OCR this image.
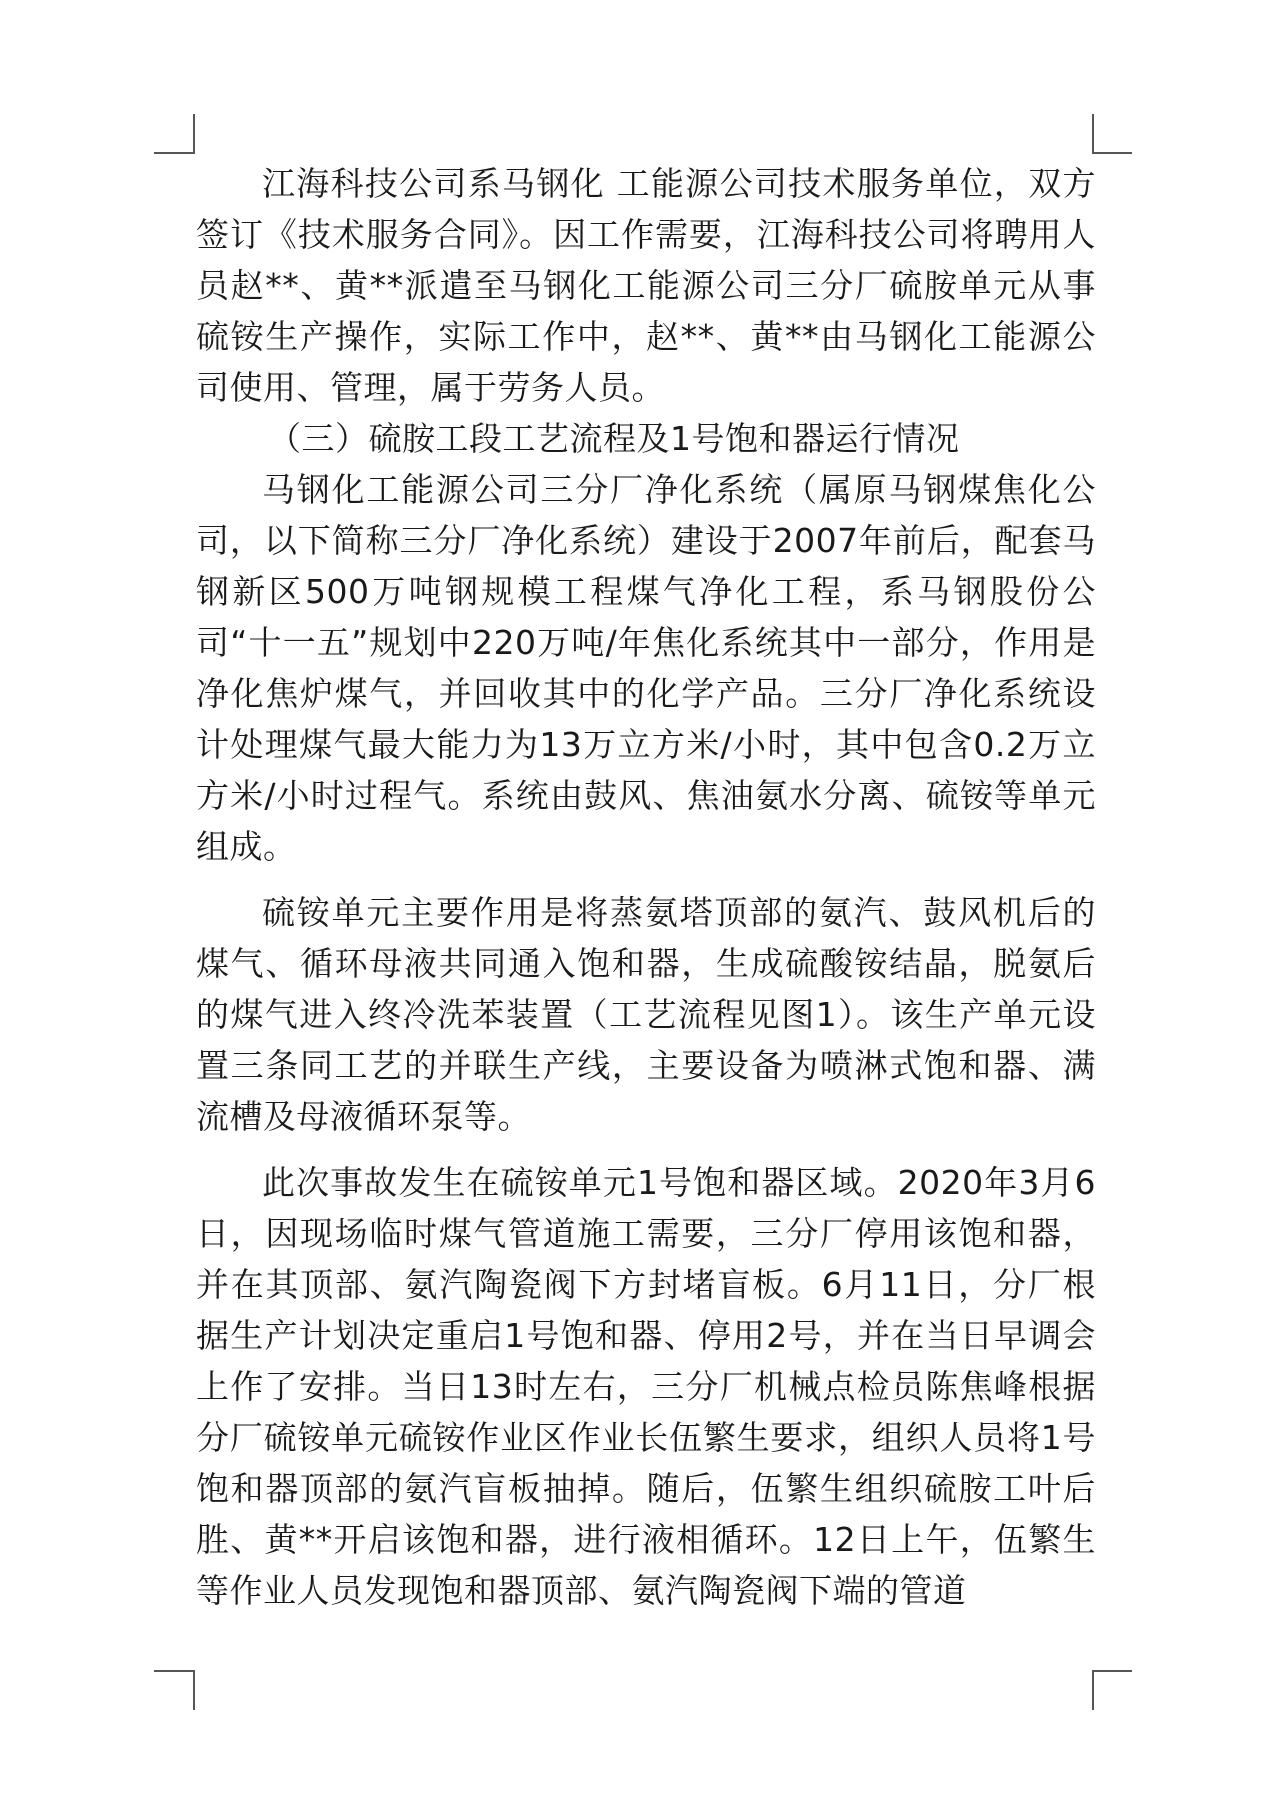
江海科技公司系马钢化 工能源公司技术服务单位，双方签订《技术服务合同》。因工作需要，江海科技公司将聘用人员赵**、黄**派遣至马钢化工能源公司三分厂硫胺单元从事硫铵生产操作，实际工作中，赵**、黄**由马钢化工能源公司使用、管理，属于劳务人员。

（三）硫胺工段工艺流程及1号饱和器运行情况

马钢化工能源公司三分厂净化系统（属原马钢煤焦化公司，以下简称三分厂净化系统）建设于2007年前后，配套马钢新区500万吨钢规模工程煤气净化工程，系马钢股份公司“十一五”规划中220万吨/年焦化系统其中一部分，作用是净化焦炉煤气，并回收其中的化学产品。三分厂净化系统设计处理煤气最大能力为13万立方米/小时，其中包含0.2万立方米/小时过程气。系统由鼓风、焦油氨水分离、硫铵等单元组成。

硫铵单元主要作用是将蒸氨塔顶部的氨汽、鼓风机后的煤气、循环母液共同通入饱和器，生成硫酸铵结晶，脱氨后的煤气进入终冷洗苯装置（工艺流程见图1）。该生产单元设置三条同工艺的并联生产线，主要设备为喷淋式饱和器、满流槽及母液循环泵等。

此次事故发生在硫铵单元1号饱和器区域。2020年3月6日，因现场临时煤气管道施工需要，三分厂停用该饱和器，并在其顶部、氨汽陶瓷阀下方封堵盲板。6月11日，分厂根据生产计划决定重启1号饱和器、停用2号，并在当日早调会上作了安排。当日13时左右，三分厂机械点检员陈焦峰根据分厂硫铵单元硫铵作业区作业长伍繁生要求，组织人员将1号饱和器顶部的氨汽盲板抽掉。随后，伍繁生组织硫胺工叶后胜、黄**开启该饱和器，进行液相循环。12日上午，伍繁生等作业人员发现饱和器顶部、氨汽陶瓷阀下端的管道
